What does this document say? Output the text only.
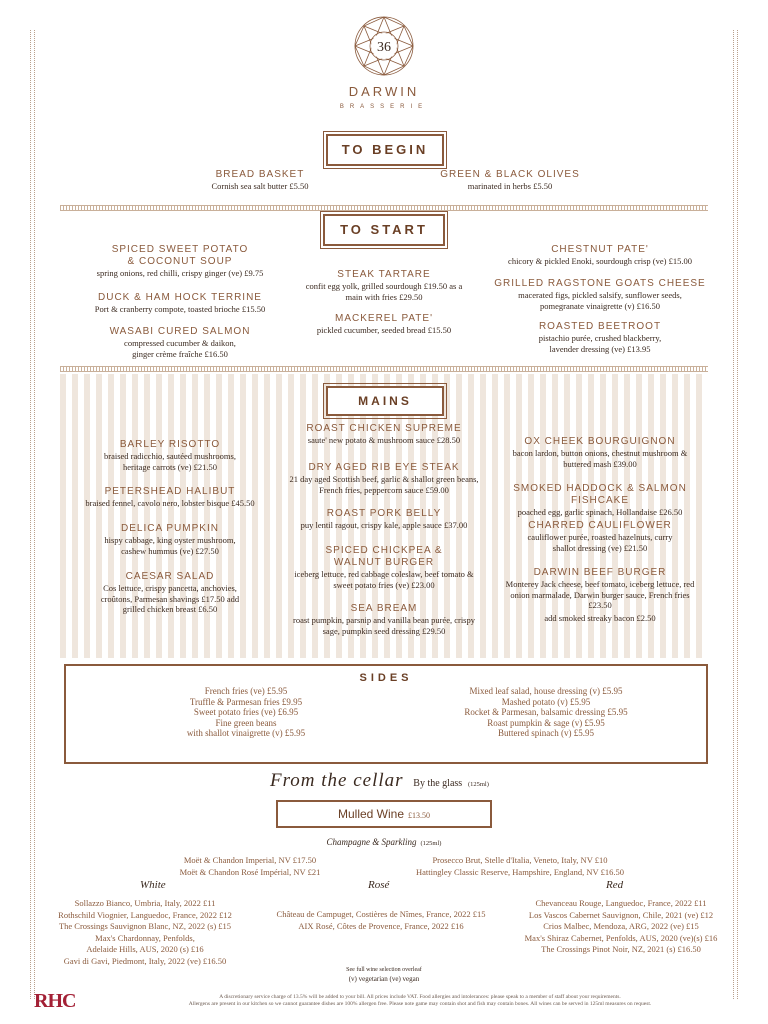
36
DARWIN
BRASSERIE
TO BEGIN
BREAD BASKET
Cornish sea salt butter £5.50
GREEN & BLACK OLIVES
marinated in herbs £5.50
TO START
SPICED SWEET POTATO & COCONUT SOUP
spring onions, red chilli, crispy ginger (ve) £9.75
DUCK & HAM HOCK TERRINE
Port & cranberry compote, toasted brioche £15.50
WASABI CURED SALMON
compressed cucumber & daikon, ginger crème fraîche £16.50
STEAK TARTARE
confit egg yolk, grilled sourdough £19.50 as a main with fries £29.50
MACKEREL PATE'
pickled cucumber, seeded bread £15.50
CHESTNUT PATE'
chicory & pickled Enoki, sourdough crisp (ve) £15.00
GRILLED RAGSTONE GOATS CHEESE
macerated figs, pickled salsify, sunflower seeds, pomegranate vinaigrette (v) £16.50
ROASTED BEETROOT
pistachio purée, crushed blackberry, lavender dressing (ve) £13.95
MAINS
BARLEY RISOTTO
braised radicchio, sautéed mushrooms, heritage carrots (ve) £21.50
PETERSHEAD HALIBUT
braised fennel, cavolo nero, lobster bisque £45.50
DELICA PUMPKIN
hispy cabbage, king oyster mushroom, cashew hummus (ve) £27.50
CAESAR SALAD
Cos lettuce, crispy pancetta, anchovies, croûtons, Parmesan shavings £17.50 add grilled chicken breast £6.50
ROAST CHICKEN SUPREME
saute' new potato & mushroom sauce £28.50
DRY AGED RIB EYE STEAK
21 day aged Scottish beef, garlic & shallot green beans, French fries, peppercorn sauce £59.00
ROAST PORK BELLY
puy lentil ragout, crispy kale, apple sauce £37.00
SPICED CHICKPEA & WALNUT BURGER
iceberg lettuce, red cabbage coleslaw, beef tomato & sweet potato fries (ve) £23.00
SEA BREAM
roast pumpkin, parsnip and vanilla bean purée, crispy sage, pumpkin seed dressing £29.50
OX CHEEK BOURGUIGNON
bacon lardon, button onions, chestnut mushroom & buttered mash £39.00
SMOKED HADDOCK & SALMON FISHCAKE
poached egg, garlic spinach, Hollandaise £26.50
CHARRED CAULIFLOWER
cauliflower purée, roasted hazelnuts, curry shallot dressing (ve) £21.50
DARWIN BEEF BURGER
Monterey Jack cheese, beef tomato, iceberg lettuce, red onion marmalade, Darwin burger sauce, French fries £23.50
add smoked streaky bacon £2.50
SIDES
French fries (ve) £5.95
Truffle & Parmesan fries £9.95
Sweet potato fries (ve) £6.95
Fine green beans
with shallot vinaigrette (v) £5.95
Mixed leaf salad, house dressing (v) £5.95
Mashed potato (v) £5.95
Rocket & Parmesan, balsamic dressing £5.95
Roast pumpkin & sage (v) £5.95
Buttered spinach (v) £5.95
From the cellar By the glass (125ml)
Mulled Wine £13.50
Champagne & Sparkling (125ml)
Moët & Chandon Imperial, NV £17.50
Moët & Chandon Rosé Impérial, NV £21
Prosecco Brut, Stelle d'Italia, Veneto, Italy, NV £10
Hattingley Classic Reserve, Hampshire, England, NV £16.50
White	Rosé	Red
Sollazzo Bianco, Umbria, Italy, 2022 £11
Rothschild Viognier, Languedoc, France, 2022 £12
The Crossings Sauvignon Blanc, NZ, 2022 (s) £15
Max's Chardonnay, Penfolds,
Adelaide Hills, AUS, 2020 (s) £16
Gavi di Gavi, Piedmont, Italy, 2022 (ve) £16.50
Château de Campuget, Costières de Nîmes, France, 2022 £15
AIX Rosé, Côtes de Provence, France, 2022 £16
Chevanceau Rouge, Languedoc, France, 2022 £11
Los Vascos Cabernet Sauvignon, Chile, 2021 (ve) £12
Crios Malbec, Mendoza, ARG, 2022 (ve) £15
Max's Shiraz Cabernet, Penfolds, AUS, 2020 (ve)(s) £16
The Crossings Pinot Noir, NZ, 2021 (s) £16.50
See full wine selection overleaf
(v) vegetarian (ve) vegan
RHC	A discretionary service charge of 13.5% will be added to your bill. All prices include VAT. Food allergies and intolerances: please speak to a member of staff about your requirements.
Allergens are present in our kitchen so we cannot guarantee dishes are 100% allergen free. Please note game may contain shot and fish may contain bones. All wines can be served in 125ml measures on request.
